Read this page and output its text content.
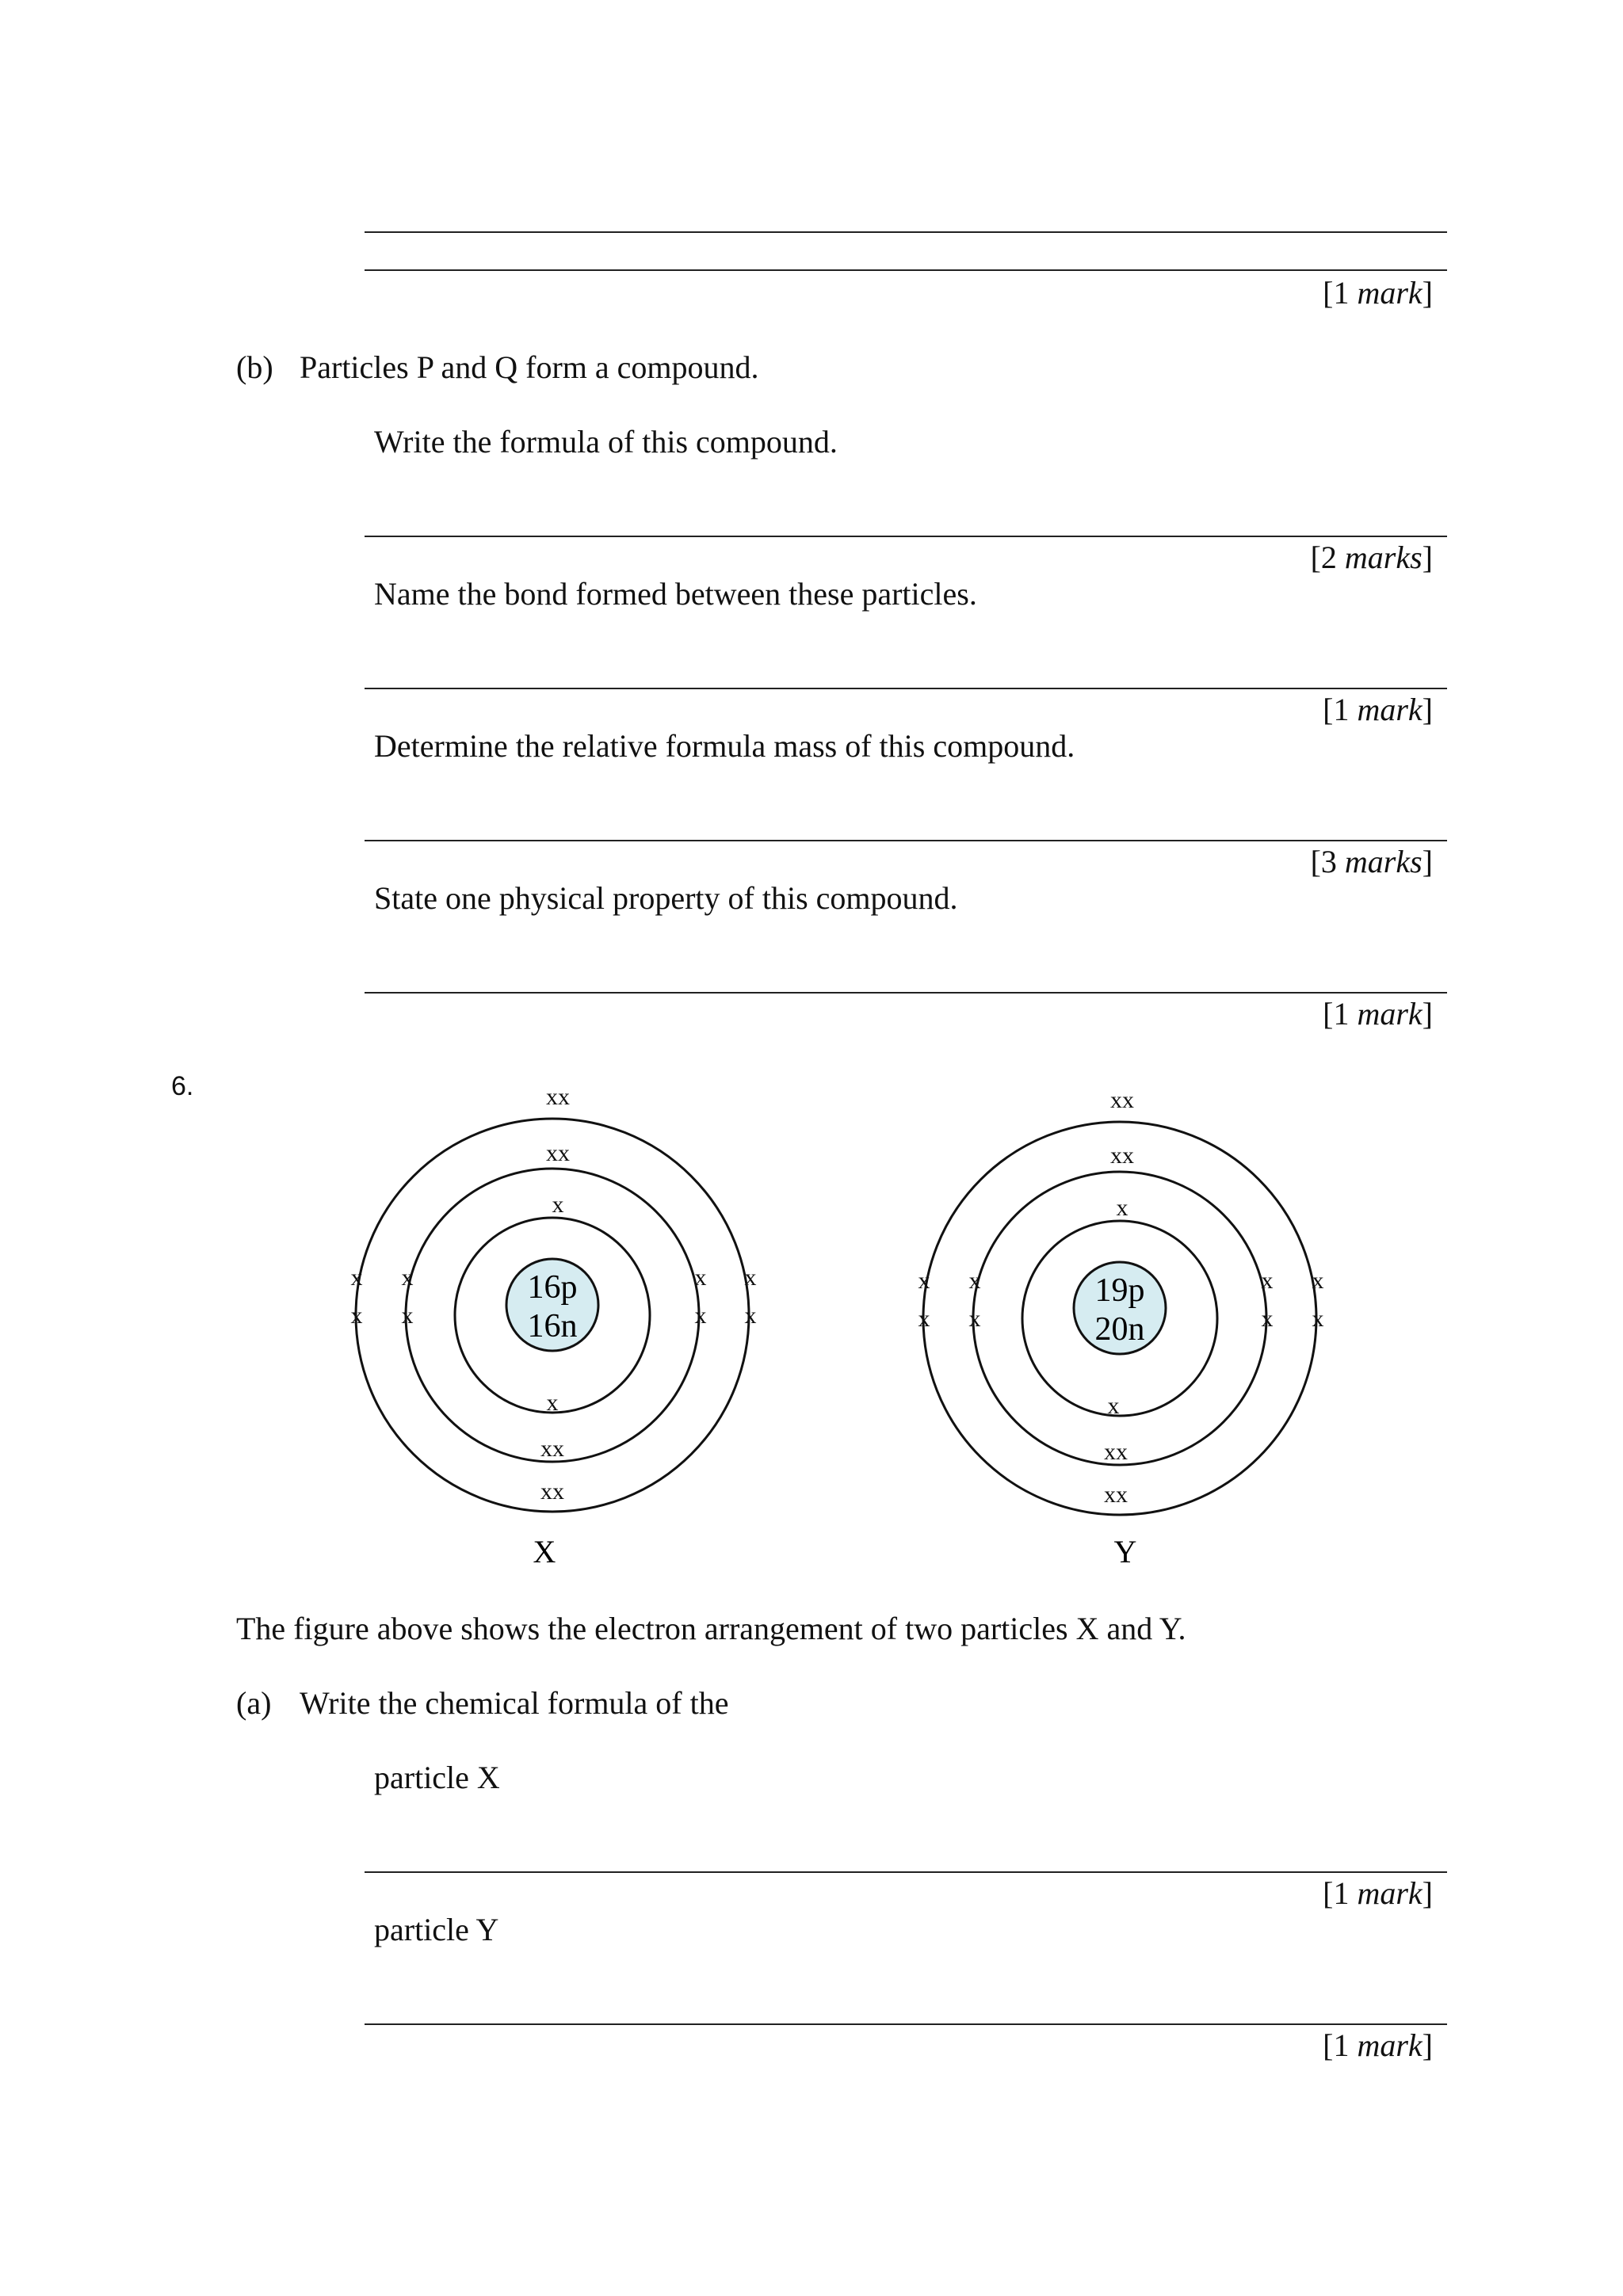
[1 mark]
(b) Particles P and Q form a compound.
Write the formula of this compound.
[2 marks]
Name the bond formed between these particles.
[1 mark]
Determine the relative formula mass of this compound.
[3 marks]
State one physical property of this compound.
[1 mark]
6.
16p
16n
xx
xx
x
x
xx
xx
x
x
x
x
x
x
x
x
X
19p
20n
xx
xx
x
x
xx
xx
x
x
x
x
x
x
x
x
Y
The figure above shows the electron arrangement of two particles X and Y.
(a) Write the chemical formula of the
particle X
[1 mark]
particle Y
[1 mark]
